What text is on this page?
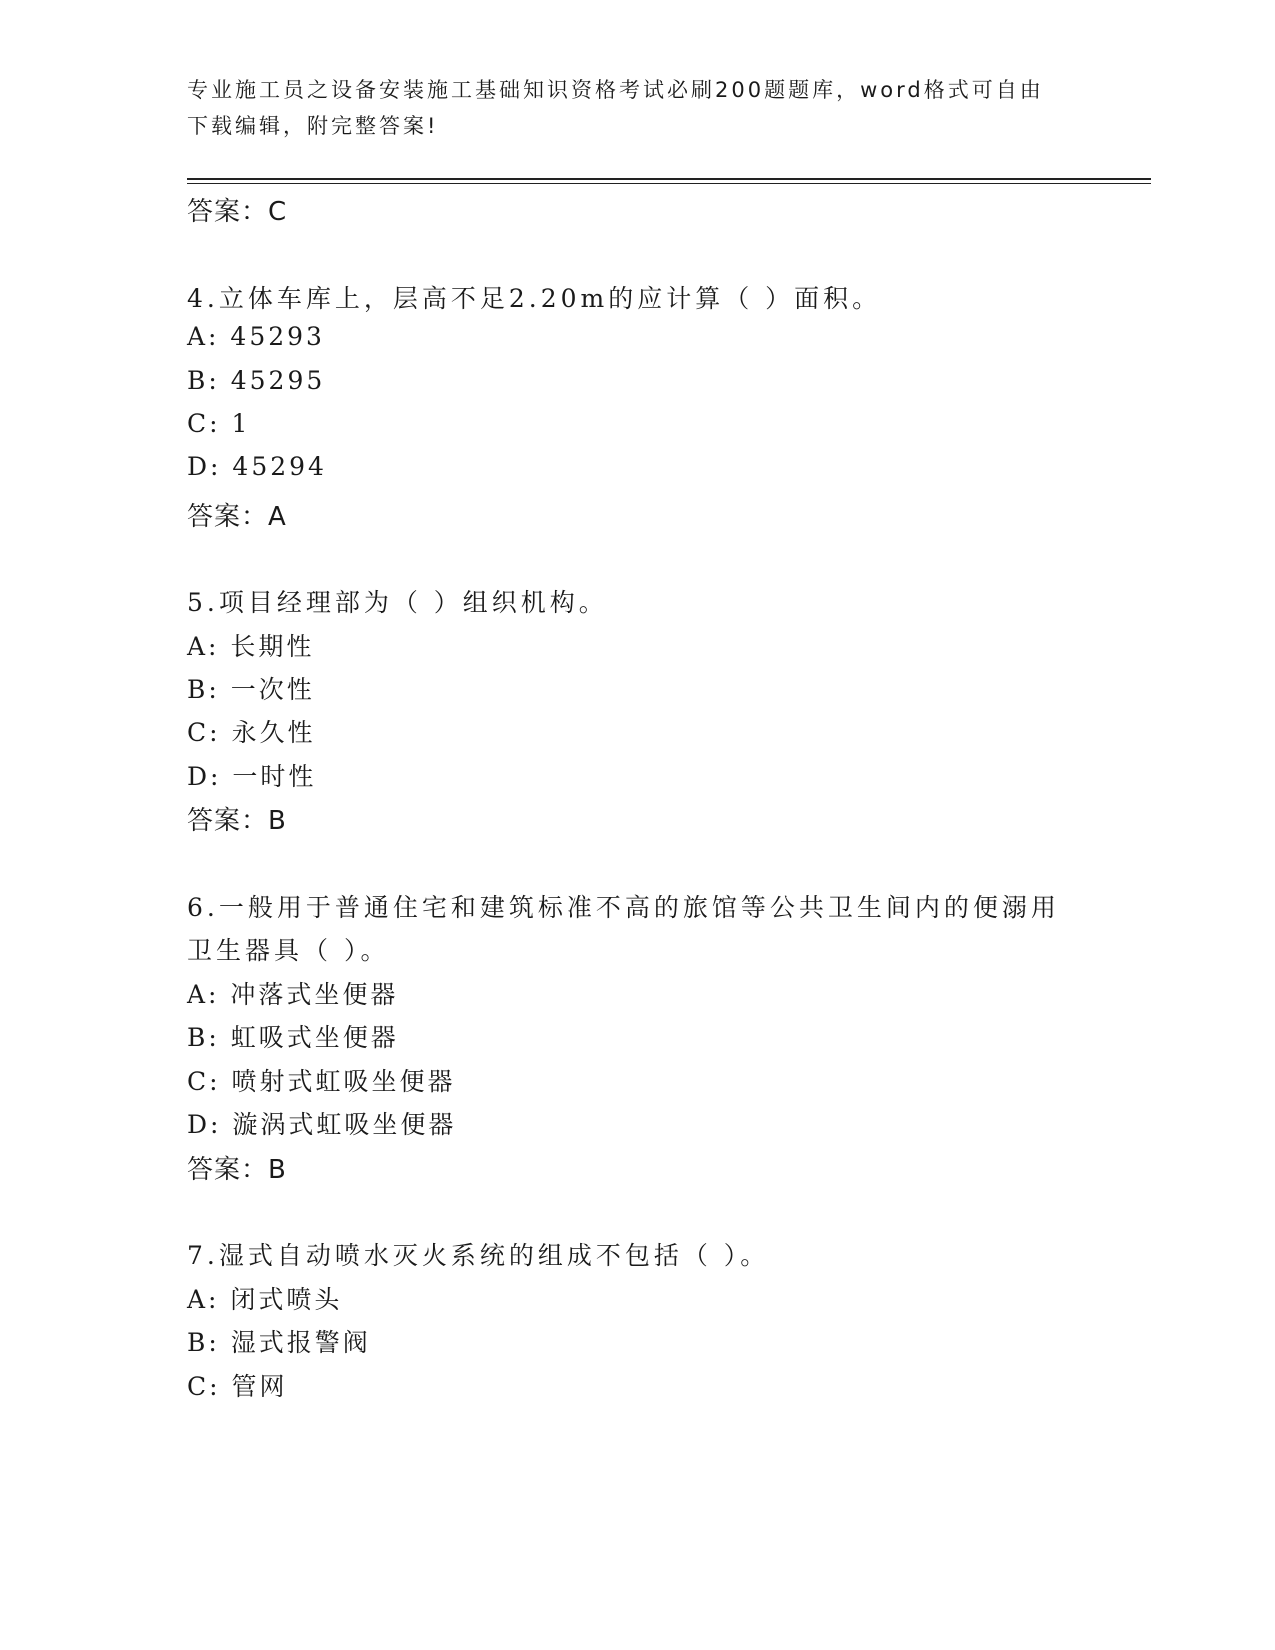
专业施工员之设备安装施工基础知识资格考试必刷200题题库，word格式可自由
下载编辑，附完整答案!
答案：C
4.立体车库上，层高不足2.20m的应计算（ ）面积。
A: 45293
B: 45295
C: 1
D: 45294
答案：A
5.项目经理部为（ ）组织机构。
A: 长期性
B: 一次性
C: 永久性
D: 一时性
答案：B
6.一般用于普通住宅和建筑标准不高的旅馆等公共卫生间内的便溺用
卫生器具（ ）。
A: 冲落式坐便器
B: 虹吸式坐便器
C: 喷射式虹吸坐便器
D: 漩涡式虹吸坐便器
答案：B
7.湿式自动喷水灭火系统的组成不包括（ ）。
A: 闭式喷头
B: 湿式报警阀
C: 管网
